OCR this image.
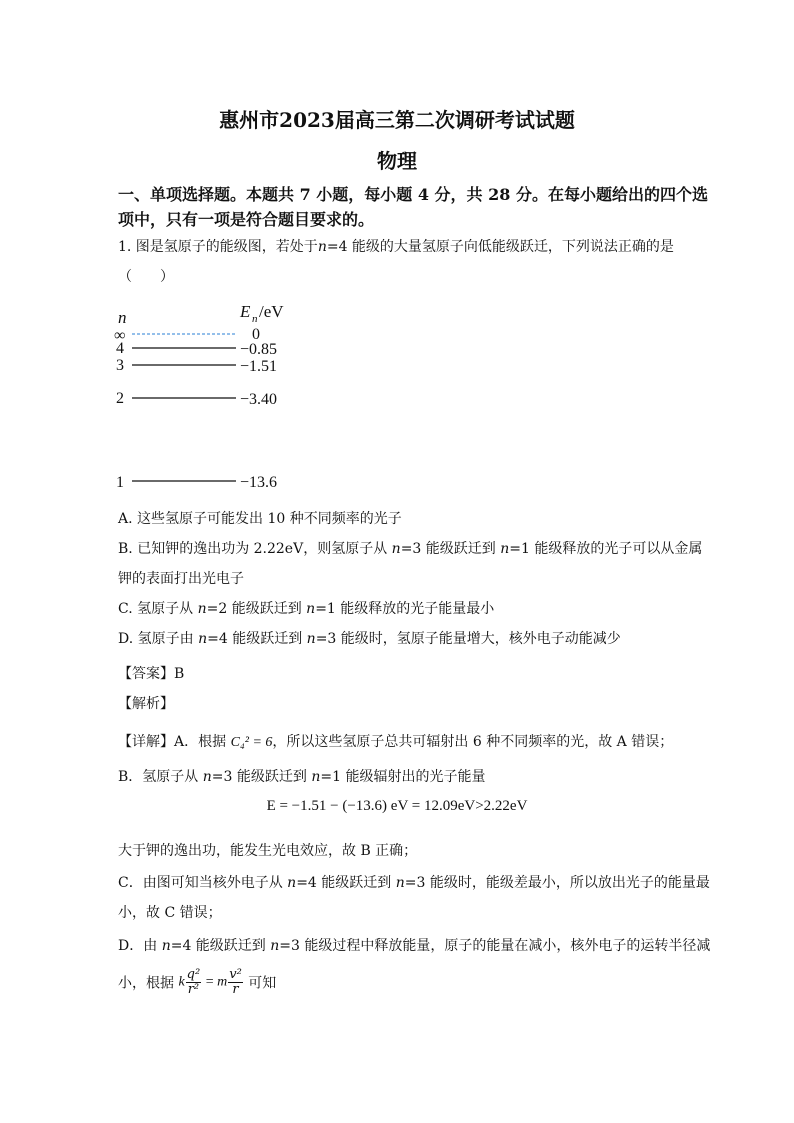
惠州市2023届高三第二次调研考试试题
物理
一、单项选择题。本题共 7 小题，每小题 4 分，共 28 分。在每小题给出的四个选
项中，只有一项是符合题目要求的。
1. 图是氢原子的能级图，若处于n=4 能级的大量氢原子向低能级跃迁，下列说法正确的是
（　　）
n	E n /eV
∞	0
4	−0.85
3	−1.51
2	−3.40
1	−13.6
A. 这些氢原子可能发出 10 种不同频率的光子
B. 已知钾的逸出功为 2.22eV，则氢原子从 n=3 能级跃迁到 n=1 能级释放的光子可以从金属
钾的表面打出光电子
C. 氢原子从 n=2 能级跃迁到 n=1 能级释放的光子能量最小
D. 氢原子由 n=4 能级跃迁到 n=3 能级时，氢原子能量增大，核外电子动能减少
【答案】B
【解析】
【详解】A．根据 C₄² = 6，所以这些氢原子总共可辐射出 6 种不同频率的光，故 A 错误；
B．氢原子从 n=3 能级跃迁到 n=1 能级辐射出的光子能量
E = −1.51 − (−13.6) eV = 12.09eV>2.22eV
大于钾的逸出功，能发生光电效应，故 B 正确；
C．由图可知当核外电子从 n=4 能级跃迁到 n=3 能级时，能级差最小，所以放出光子的能量最
小，故 C 错误；
D．由 n=4 能级跃迁到 n=3 能级过程中释放能量，原子的能量在减小，核外电子的运转半径减
小，根据 k $\frac{\text{q²}}{\text{r²}} = m \frac{\text{v²}}{r}$ 可知
